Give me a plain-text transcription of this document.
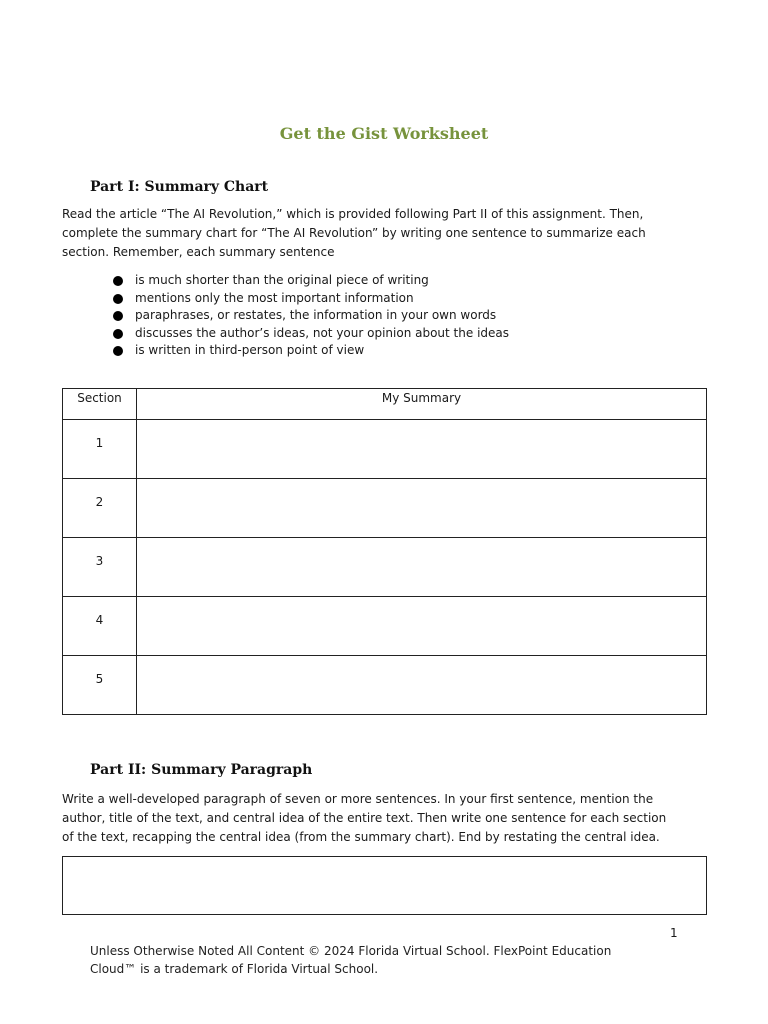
Get the Gist Worksheet
Part I: Summary Chart

Read the article “The AI Revolution,” which is provided following Part II of this assignment. Then, complete the summary chart for “The AI Revolution” by writing one sentence to summarize each section. Remember, each summary sentence

is much shorter than the original piece of writing
mentions only the most important information
paraphrases, or restates, the information in your own words
discusses the author’s ideas, not your opinion about the ideas
is written in third-person point of view
Section	My Summary
1	
2	
3	
4	
5	
Part II: Summary Paragraph

Write a well-developed paragraph of seven or more sentences. In your first sentence, mention the author, title of the text, and central idea of the entire text. Then write one sentence for each section of the text, recapping the central idea (from the summary chart). End by restating the central idea.

1
Unless Otherwise Noted All Content © 2024 Florida Virtual School. FlexPoint Education Cloud™ is a trademark of Florida Virtual School.
